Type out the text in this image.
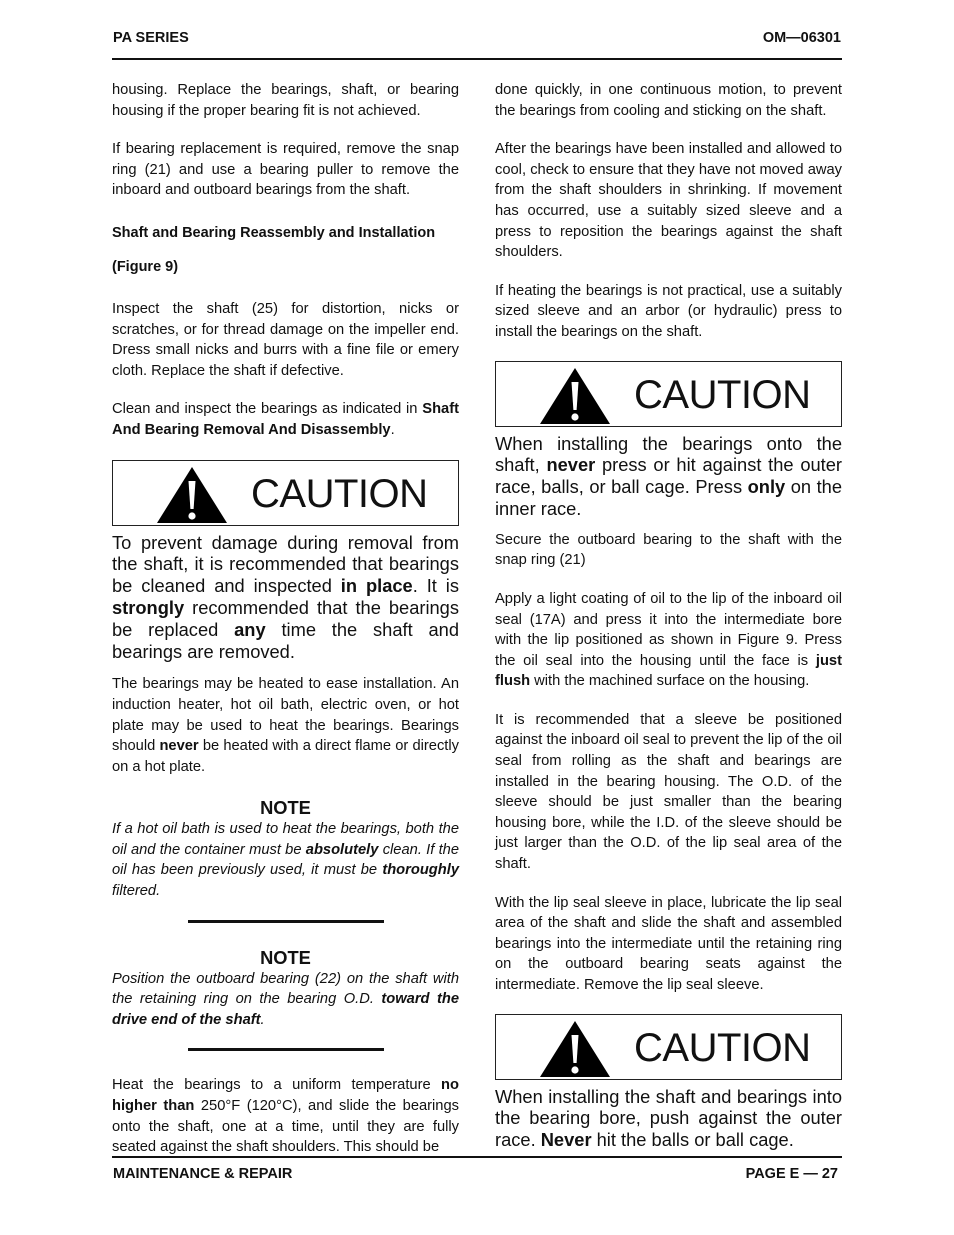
PA SERIES	OM—06301

housing. Replace the bearings, shaft, or bearing housing if the proper bearing fit is not achieved.

If bearing replacement is required, remove the snap ring (21) and use a bearing puller to remove the inboard and outboard bearings from the shaft.

Shaft and Bearing Reassembly and Installation

(Figure 9)

Inspect the shaft (25) for distortion, nicks or scratches, or for thread damage on the impeller end. Dress small nicks and burrs with a fine file or emery cloth. Replace the shaft if defective.

Clean and inspect the bearings as indicated in Shaft And Bearing Removal And Disassembly.

CAUTION

To prevent damage during removal from the shaft, it is recommended that bearings be cleaned and inspected in place. It is strongly recommended that the bearings be replaced any time the shaft and bearings are removed.

The bearings may be heated to ease installation. An induction heater, hot oil bath, electric oven, or hot plate may be used to heat the bearings. Bearings should never be heated with a direct flame or directly on a hot plate.

NOTE

If a hot oil bath is used to heat the bearings, both the oil and the container must be absolutely clean. If the oil has been previously used, it must be thoroughly filtered.

NOTE

Position the outboard bearing (22) on the shaft with the retaining ring on the bearing O.D. toward the drive end of the shaft.

Heat the bearings to a uniform temperature no higher than 250°F (120°C), and slide the bearings onto the shaft, one at a time, until they are fully seated against the shaft shoulders. This should be

done quickly, in one continuous motion, to prevent the bearings from cooling and sticking on the shaft.

After the bearings have been installed and allowed to cool, check to ensure that they have not moved away from the shaft shoulders in shrinking. If movement has occurred, use a suitably sized sleeve and a press to reposition the bearings against the shaft shoulders.

If heating the bearings is not practical, use a suitably sized sleeve and an arbor (or hydraulic) press to install the bearings on the shaft.

CAUTION

When installing the bearings onto the shaft, never press or hit against the outer race, balls, or ball cage. Press only on the inner race.

Secure the outboard bearing to the shaft with the snap ring (21)

Apply a light coating of oil to the lip of the inboard oil seal (17A) and press it into the intermediate bore with the lip positioned as shown in Figure 9. Press the oil seal into the housing until the face is just flush with the machined surface on the housing.

It is recommended that a sleeve be positioned against the inboard oil seal to prevent the lip of the oil seal from rolling as the shaft and bearings are installed in the bearing housing. The O.D. of the sleeve should be just smaller than the bearing housing bore, while the I.D. of the sleeve should be just larger than the O.D. of the lip seal area of the shaft.

With the lip seal sleeve in place, lubricate the lip seal area of the shaft and slide the shaft and assembled bearings into the intermediate until the retaining ring on the outboard bearing seats against the intermediate. Remove the lip seal sleeve.

CAUTION

When installing the shaft and bearings into the bearing bore, push against the outer race. Never hit the balls or ball cage.

MAINTENANCE & REPAIR	PAGE E — 27
